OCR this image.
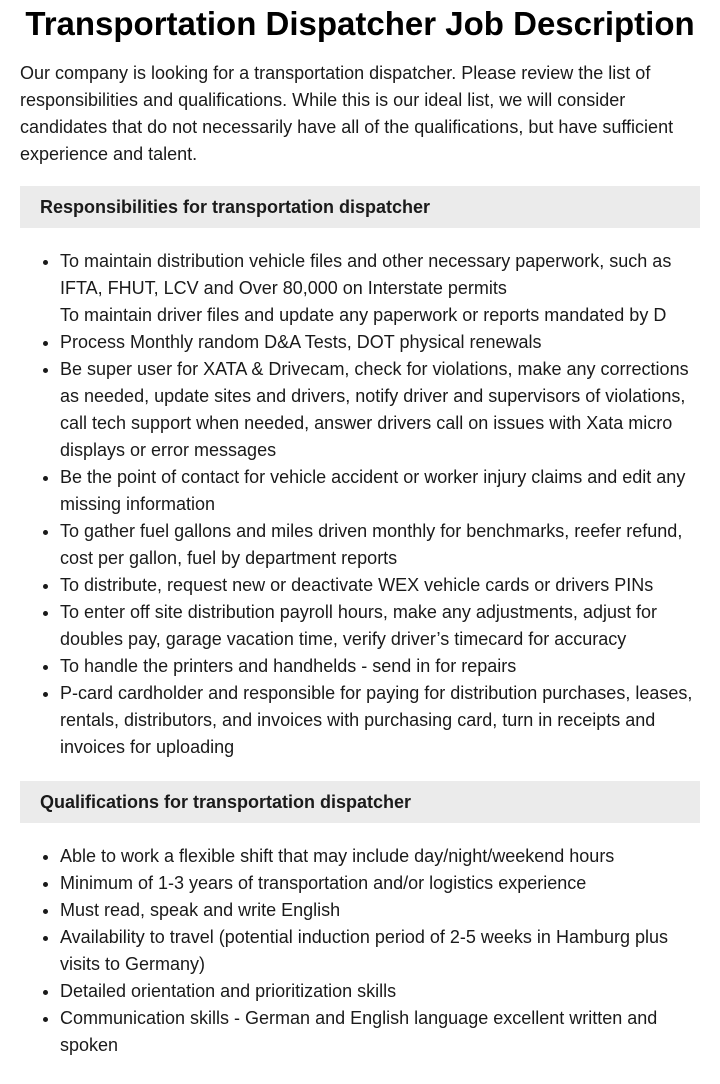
Transportation Dispatcher Job Description

Our company is looking for a transportation dispatcher. Please review the list of responsibilities and qualifications. While this is our ideal list, we will consider candidates that do not necessarily have all of the qualifications, but have sufficient experience and talent.

Responsibilities for transportation dispatcher
• To maintain distribution vehicle files and other necessary paperwork, such as IFTA, FHUT, LCV and Over 80,000 on Interstate permits
• To maintain driver files and update any paperwork or reports mandated by D
• Process Monthly random D&A Tests, DOT physical renewals
• Be super user for XATA & Drivecam, check for violations, make any corrections as needed, update sites and drivers, notify driver and supervisors of violations, call tech support when needed, answer drivers call on issues with Xata micro displays or error messages
• Be the point of contact for vehicle accident or worker injury claims and edit any missing information
• To gather fuel gallons and miles driven monthly for benchmarks, reefer refund, cost per gallon, fuel by department reports
• To distribute, request new or deactivate WEX vehicle cards or drivers PINs
• To enter off site distribution payroll hours, make any adjustments, adjust for doubles pay, garage vacation time, verify driver’s timecard for accuracy
• To handle the printers and handhelds - send in for repairs
• P-card cardholder and responsible for paying for distribution purchases, leases, rentals, distributors, and invoices with purchasing card, turn in receipts and invoices for uploading
Qualifications for transportation dispatcher
• Able to work a flexible shift that may include day/night/weekend hours
• Minimum of 1-3 years of transportation and/or logistics experience
• Must read, speak and write English
• Availability to travel (potential induction period of 2-5 weeks in Hamburg plus visits to Germany)
• Detailed orientation and prioritization skills
• Communication skills - German and English language excellent written and spoken
